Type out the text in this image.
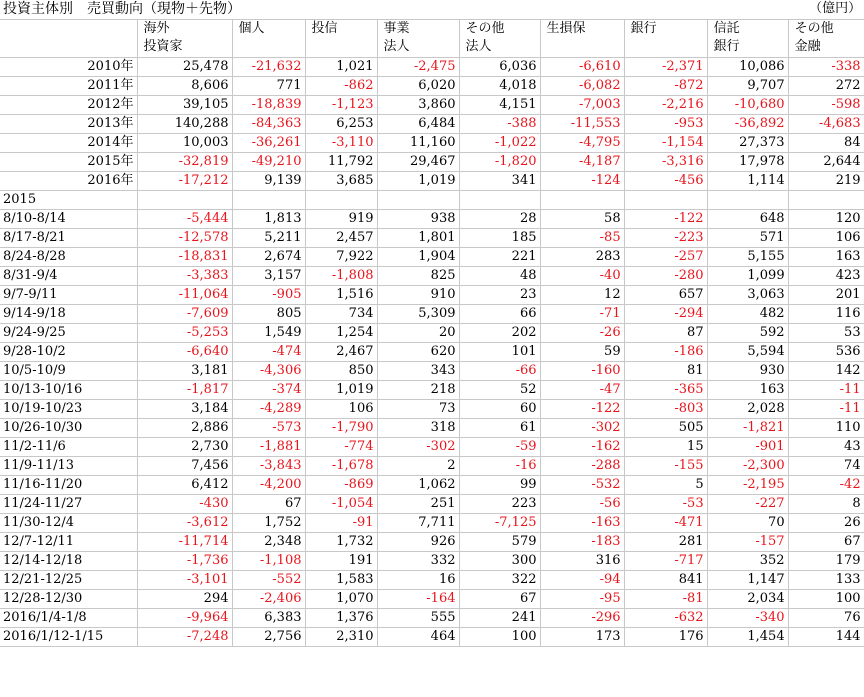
投資主体別　売買動向（現物＋先物）									（億円）
	海外	個人	投信	事業	その他	生損保	銀行	信託	その他
	投資家			法人	法人			銀行	金融
2010年	25,478	-21,632	1,021	-2,475	6,036	-6,610	-2,371	10,086	-338
2011年	8,606	771	-862	6,020	4,018	-6,082	-872	9,707	272
2012年	39,105	-18,839	-1,123	3,860	4,151	-7,003	-2,216	-10,680	-598
2013年	140,288	-84,363	6,253	6,484	-388	-11,553	-953	-36,892	-4,683
2014年	10,003	-36,261	-3,110	11,160	-1,022	-4,795	-1,154	27,373	84
2015年	-32,819	-49,210	11,792	29,467	-1,820	-4,187	-3,316	17,978	2,644
2016年	-17,212	9,139	3,685	1,019	341	-124	-456	1,114	219
2015									
8/10-8/14	-5,444	1,813	919	938	28	58	-122	648	120
8/17-8/21	-12,578	5,211	2,457	1,801	185	-85	-223	571	106
8/24-8/28	-18,831	2,674	7,922	1,904	221	283	-257	5,155	163
8/31-9/4	-3,383	3,157	-1,808	825	48	-40	-280	1,099	423
9/7-9/11	-11,064	-905	1,516	910	23	12	657	3,063	201
9/14-9/18	-7,609	805	734	5,309	66	-71	-294	482	116
9/24-9/25	-5,253	1,549	1,254	20	202	-26	87	592	53
9/28-10/2	-6,640	-474	2,467	620	101	59	-186	5,594	536
10/5-10/9	3,181	-4,306	850	343	-66	-160	81	930	142
10/13-10/16	-1,817	-374	1,019	218	52	-47	-365	163	-11
10/19-10/23	3,184	-4,289	106	73	60	-122	-803	2,028	-11
10/26-10/30	2,886	-573	-1,790	318	61	-302	505	-1,821	110
11/2-11/6	2,730	-1,881	-774	-302	-59	-162	15	-901	43
11/9-11/13	7,456	-3,843	-1,678	2	-16	-288	-155	-2,300	74
11/16-11/20	6,412	-4,200	-869	1,062	99	-532	5	-2,195	-42
11/24-11/27	-430	67	-1,054	251	223	-56	-53	-227	8
11/30-12/4	-3,612	1,752	-91	7,711	-7,125	-163	-471	70	26
12/7-12/11	-11,714	2,348	1,732	926	579	-183	281	-157	67
12/14-12/18	-1,736	-1,108	191	332	300	316	-717	352	179
12/21-12/25	-3,101	-552	1,583	16	322	-94	841	1,147	133
12/28-12/30	294	-2,406	1,070	-164	67	-95	-81	2,034	100
2016/1/4-1/8	-9,964	6,383	1,376	555	241	-296	-632	-340	76
2016/1/12-1/15	-7,248	2,756	2,310	464	100	173	176	1,454	144
